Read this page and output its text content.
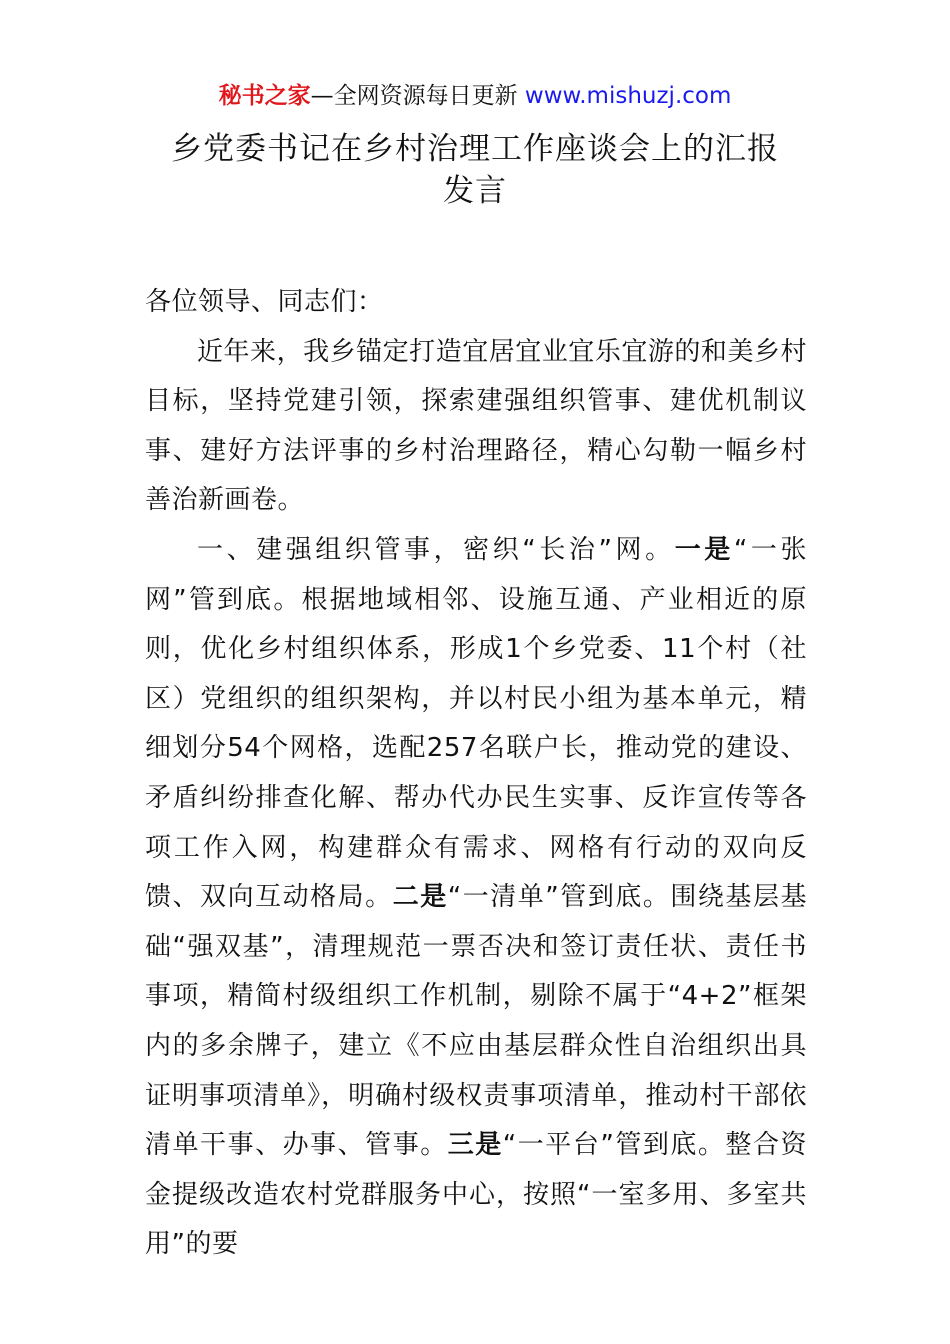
秘书之家—全网资源每日更新 www.mishuzj.com
乡党委书记在乡村治理工作座谈会上的汇报
发言

各位领导、同志们：

近年来，我乡锚定打造宜居宜业宜乐宜游的和美乡村目标，坚持党建引领，探索建强组织管事、建优机制议事、建好方法评事的乡村治理路径，精心勾勒一幅乡村善治新画卷。

一、建强组织管事，密织“长治”网。一是“一张网”管到底。根据地域相邻、设施互通、产业相近的原则，优化乡村组织体系，形成1个乡党委、11个村（社区）党组织的组织架构，并以村民小组为基本单元，精细划分54个网格，选配257名联户长，推动党的建设、矛盾纠纷排查化解、帮办代办民生实事、反诈宣传等各项工作入网，构建群众有需求、网格有行动的双向反馈、双向互动格局。二是“一清单”管到底。围绕基层基础“强双基”，清理规范一票否决和签订责任状、责任书事项，精简村级组织工作机制，剔除不属于“4+2”框架内的多余牌子，建立《不应由基层群众性自治组织出具证明事项清单》，明确村级权责事项清单，推动村干部依清单干事、办事、管事。三是“一平台”管到底。整合资金提级改造农村党群服务中心，按照“一室多用、多室共用”的要
